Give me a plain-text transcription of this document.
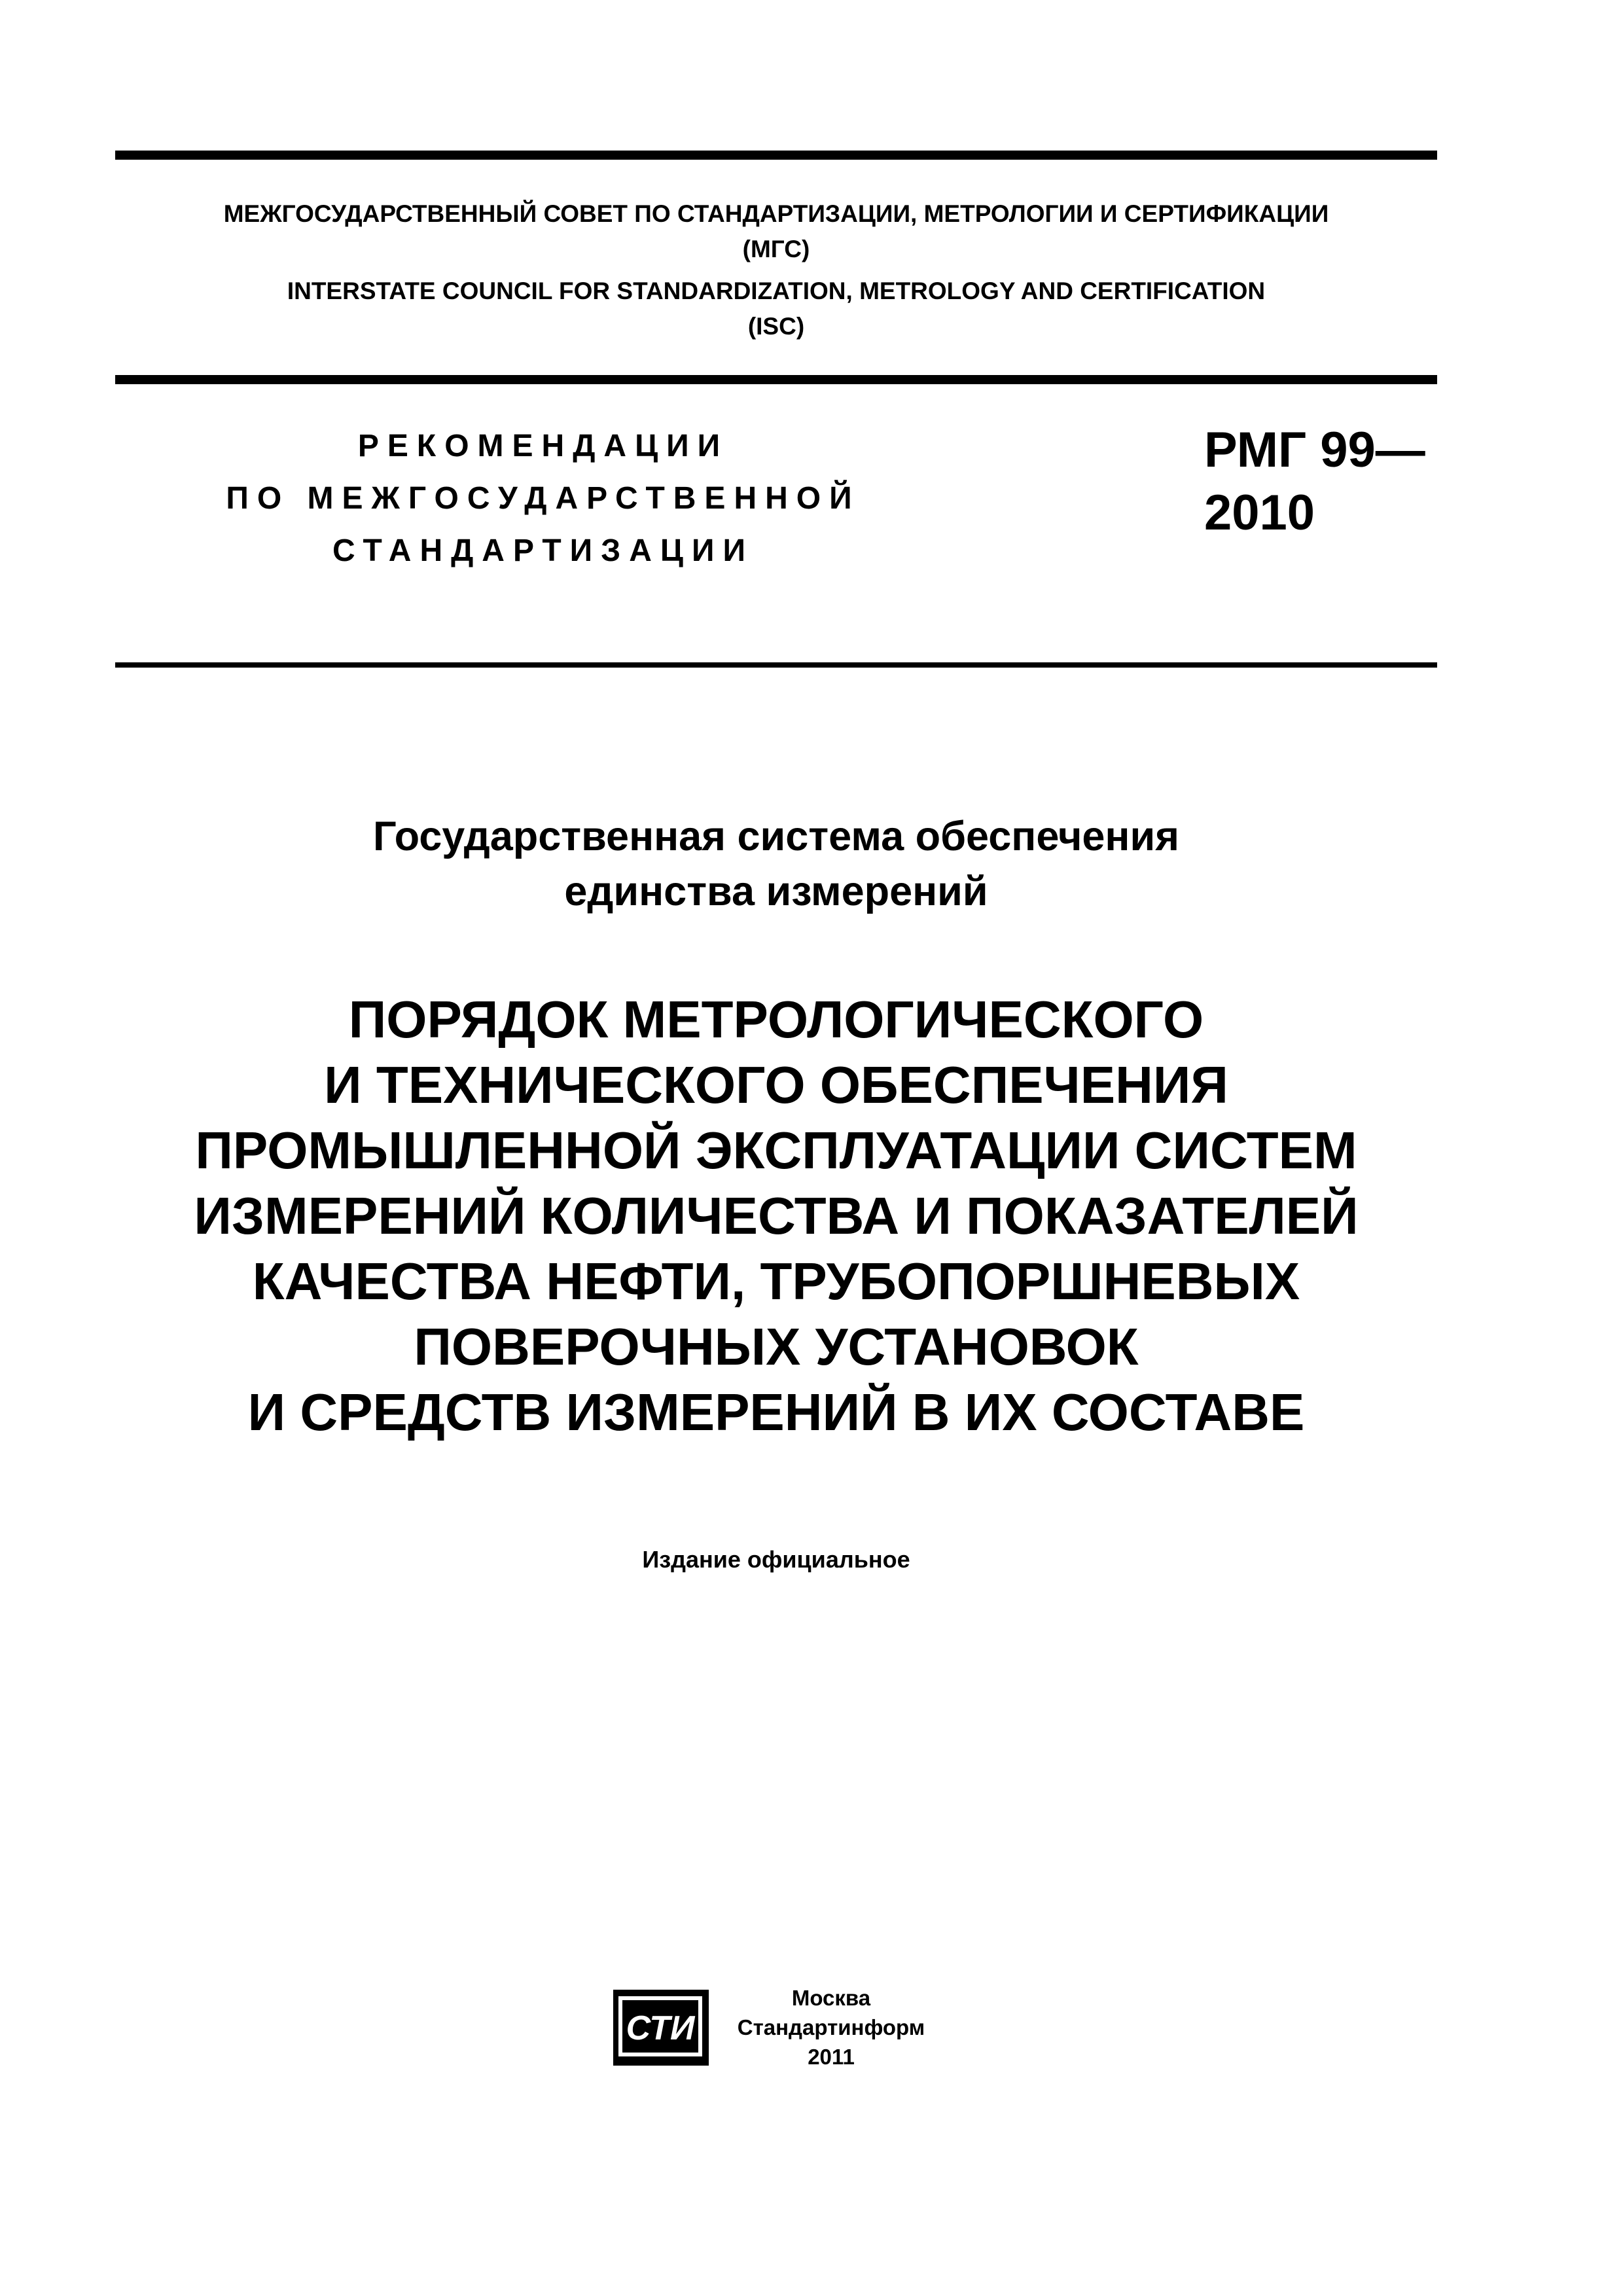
МЕЖГОСУДАРСТВЕННЫЙ СОВЕТ ПО СТАНДАРТИЗАЦИИ, МЕТРОЛОГИИ И СЕРТИФИКАЦИИ
(МГС)
INTERSTATE COUNCIL FOR STANDARDIZATION, METROLOGY AND CERTIFICATION
(ISC)
РЕКОМЕНДАЦИИ
ПО МЕЖГОСУДАРСТВЕННОЙ
СТАНДАРТИЗАЦИИ
РМГ 99—
2010
Государственная система обеспечения
единства измерений
ПОРЯДОК МЕТРОЛОГИЧЕСКОГО
И ТЕХНИЧЕСКОГО ОБЕСПЕЧЕНИЯ
ПРОМЫШЛЕННОЙ ЭКСПЛУАТАЦИИ СИСТЕМ
ИЗМЕРЕНИЙ КОЛИЧЕСТВА И ПОКАЗАТЕЛЕЙ
КАЧЕСТВА НЕФТИ, ТРУБОПОРШНЕВЫХ
ПОВЕРОЧНЫХ УСТАНОВОК
И СРЕДСТВ ИЗМЕРЕНИЙ В ИХ СОСТАВЕ
Издание официальное
СТИ
Москва
Стандартинформ
2011
